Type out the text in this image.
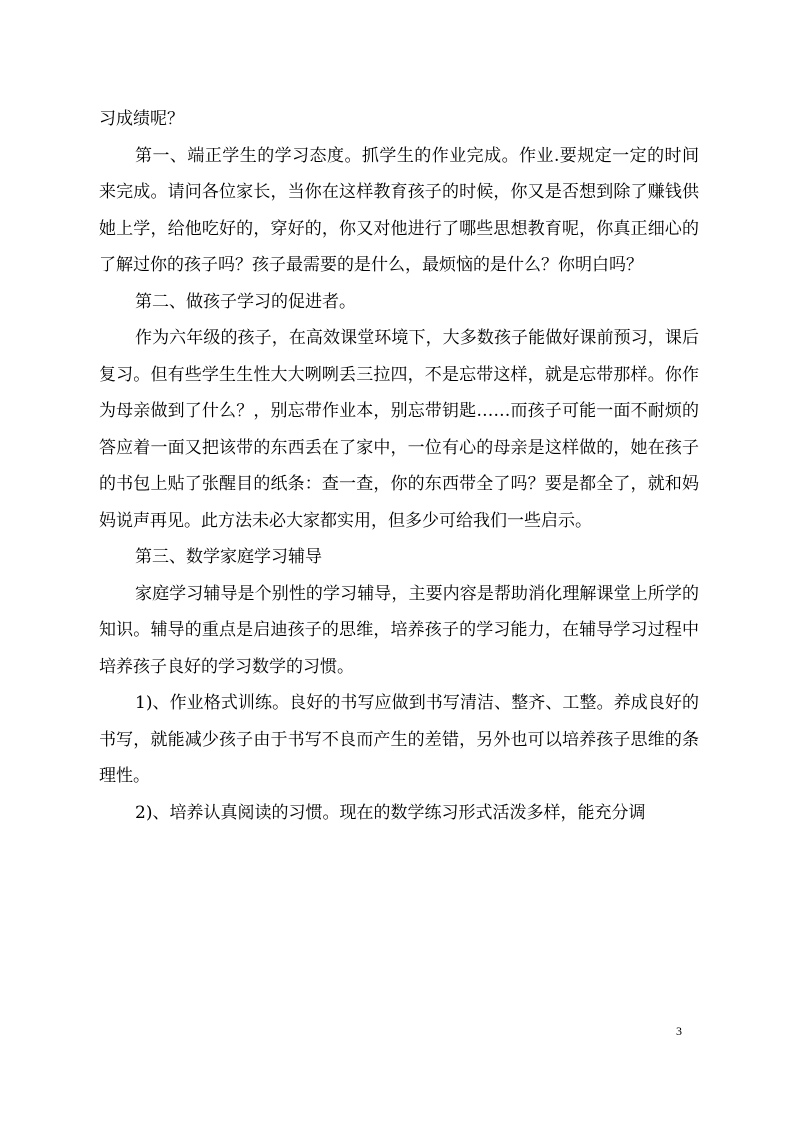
习成绩呢？

第一、端正学生的学习态度。抓学生的作业完成。作业.要规定一定的时间来完成。请问各位家长，当你在这样教育孩子的时候，你又是否想到除了赚钱供她上学，给他吃好的，穿好的，你又对他进行了哪些思想教育呢，你真正细心的了解过你的孩子吗？孩子最需要的是什么，最烦恼的是什么？你明白吗？

第二、做孩子学习的促进者。

作为六年级的孩子，在高效课堂环境下，大多数孩子能做好课前预习，课后复习。但有些学生生性大大咧咧丢三拉四，不是忘带这样，就是忘带那样。你作为母亲做到了什么？，别忘带作业本，别忘带钥匙……而孩子可能一面不耐烦的答应着一面又把该带的东西丢在了家中，一位有心的母亲是这样做的，她在孩子的书包上贴了张醒目的纸条：查一查，你的东西带全了吗？要是都全了，就和妈妈说声再见。此方法未必大家都实用，但多少可给我们一些启示。

第三、数学家庭学习辅导

家庭学习辅导是个别性的学习辅导，主要内容是帮助消化理解课堂上所学的知识。辅导的重点是启迪孩子的思维，培养孩子的学习能力，在辅导学习过程中培养孩子良好的学习数学的习惯。

1)、作业格式训练。良好的书写应做到书写清洁、整齐、工整。养成良好的书写，就能减少孩子由于书写不良而产生的差错，另外也可以培养孩子思维的条理性。

2)、培养认真阅读的习惯。现在的数学练习形式活泼多样，能充分调

3
